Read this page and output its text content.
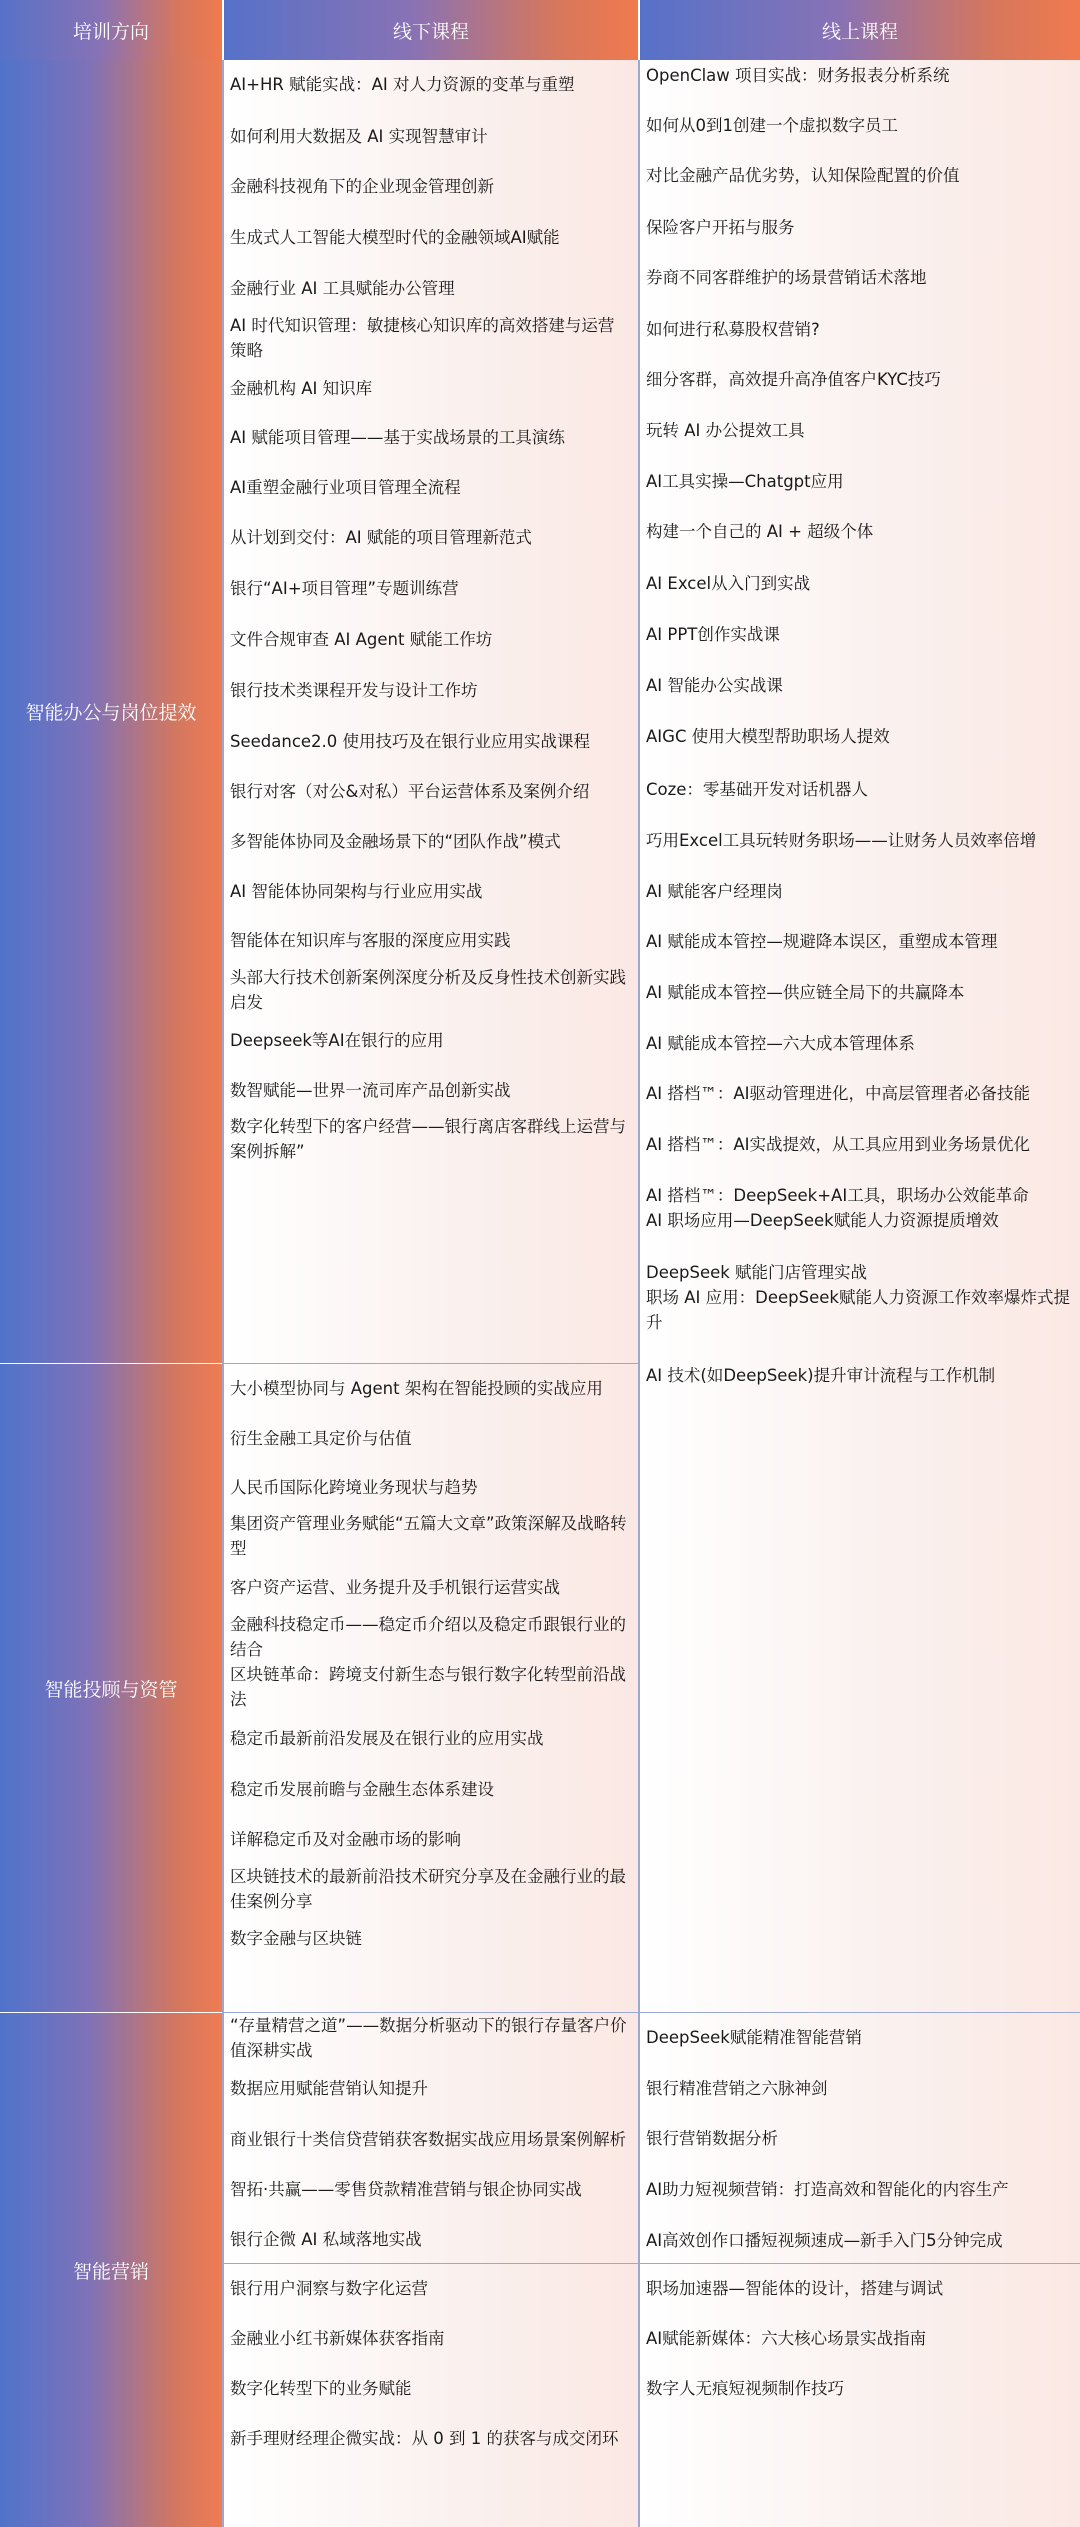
培训方向	线下课程	线上课程
智能办公与岗位提效
智能投顾与资管
智能营销
AI+HR 赋能实战：AI 对人力资源的变革与重塑
如何利用大数据及 AI 实现智慧审计
金融科技视角下的企业现金管理创新
生成式人工智能大模型时代的金融领域AI赋能
金融行业 AI 工具赋能办公管理
AI 时代知识管理：敏捷核心知识库的高效搭建与运营策略
金融机构 AI 知识库
AI 赋能项目管理——基于实战场景的工具演练
AI重塑金融行业项目管理全流程
从计划到交付：AI 赋能的项目管理新范式
银行“AI+项目管理”专题训练营
文件合规审查 AI Agent 赋能工作坊
银行技术类课程开发与设计工作坊
Seedance2.0 使用技巧及在银行业应用实战课程
银行对客（对公&对私）平台运营体系及案例介绍
多智能体协同及金融场景下的“团队作战”模式
AI 智能体协同架构与行业应用实战
智能体在知识库与客服的深度应用实践
头部大行技术创新案例深度分析及反身性技术创新实践启发
Deepseek等AI在银行的应用
数智赋能—世界一流司库产品创新实战
数字化转型下的客户经营——银行离店客群线上运营与案例拆解”
OpenClaw 项目实战：财务报表分析系统
如何从0到1创建一个虚拟数字员工
对比金融产品优劣势，认知保险配置的价值
保险客户开拓与服务
券商不同客群维护的场景营销话术落地
如何进行私募股权营销?
细分客群，高效提升高净值客户KYC技巧
玩转 AI 办公提效工具
AI工具实操—Chatgpt应用
构建一个自己的 AI + 超级个体
AI Excel从入门到实战
AI PPT创作实战课
AI 智能办公实战课
AIGC 使用大模型帮助职场人提效
Coze：零基础开发对话机器人
巧用Excel工具玩转财务职场——让财务人员效率倍增
AI 赋能客户经理岗
AI 赋能成本管控—规避降本误区，重塑成本管理
AI 赋能成本管控—供应链全局下的共赢降本
AI 赋能成本管控—六大成本管理体系
AI 搭档™：AI驱动管理进化，中高层管理者必备技能
AI 搭档™：AI实战提效，从工具应用到业务场景优化
AI 搭档™：DeepSeek+AI工具，职场办公效能革命
AI 职场应用—DeepSeek赋能人力资源提质增效
DeepSeek 赋能门店管理实战
职场 AI 应用：DeepSeek赋能人力资源工作效率爆炸式提升
AI 技术(如DeepSeek)提升审计流程与工作机制
大小模型协同与 Agent 架构在智能投顾的实战应用
衍生金融工具定价与估值
人民币国际化跨境业务现状与趋势
集团资产管理业务赋能“五篇大文章”政策深解及战略转型
客户资产运营、业务提升及手机银行运营实战
金融科技稳定币——稳定币介绍以及稳定币跟银行业的结合
区块链革命：跨境支付新生态与银行数字化转型前沿战法
稳定币最新前沿发展及在银行业的应用实战
稳定币发展前瞻与金融生态体系建设
详解稳定币及对金融市场的影响
区块链技术的最新前沿技术研究分享及在金融行业的最佳案例分享
数字金融与区块链
“存量精营之道”——数据分析驱动下的银行存量客户价值深耕实战
数据应用赋能营销认知提升
商业银行十类信贷营销获客数据实战应用场景案例解析
智拓·共赢——零售贷款精准营销与银企协同实战
银行企微 AI 私域落地实战
DeepSeek赋能精准智能营销
银行精准营销之六脉神剑
银行营销数据分析
AI助力短视频营销：打造高效和智能化的内容生产
AI高效创作口播短视频速成—新手入门5分钟完成
银行用户洞察与数字化运营
金融业小红书新媒体获客指南
数字化转型下的业务赋能
新手理财经理企微实战：从 0 到 1 的获客与成交闭环
职场加速器—智能体的设计，搭建与调试
AI赋能新媒体：六大核心场景实战指南
数字人无痕短视频制作技巧
